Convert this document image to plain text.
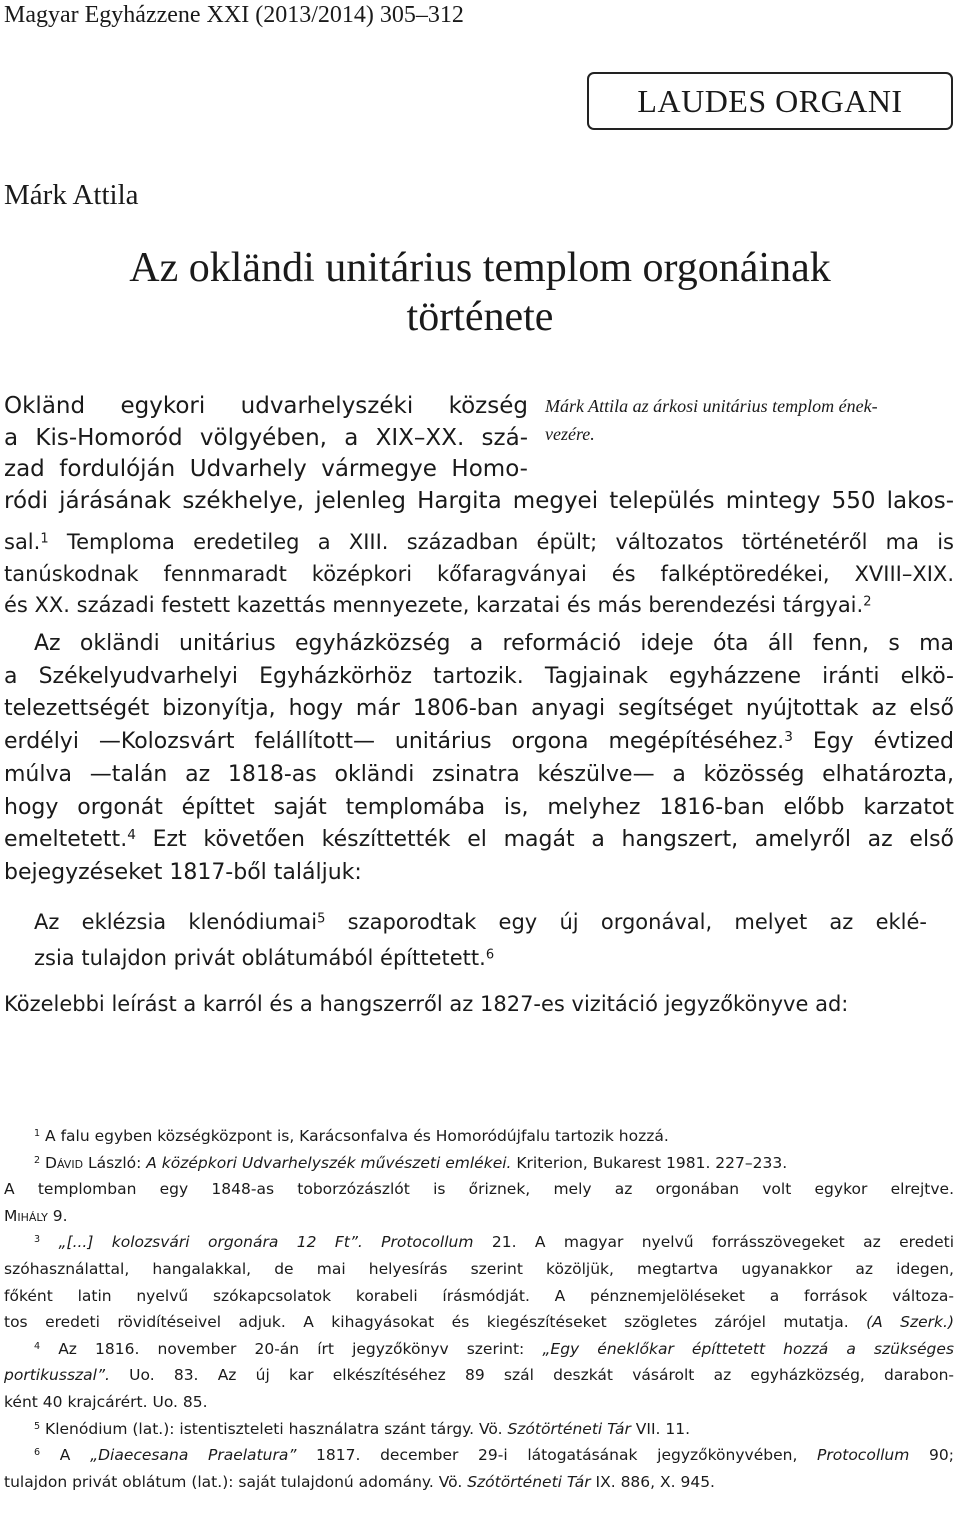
Magyar Egyházzene XXI (2013/2014) 305–312
LAUDES ORGANI
Márk Attila
Az okländi unitárius templom orgonáinak
története
Márk Attila az árkosi unitárius templom ének-
vezére.
Okländ egykori udvarhelyszéki község
a Kis-Homoród völgyében, a XIX–XX. szá-
zad fordulóján Udvarhely vármegye Homo-
ródi járásának székhelye, jelenleg Hargita megyei település mintegy 550 lakos-
sal.$^1$ Temploma eredetileg a XIII. században épült; változatos történetéről ma is
tanúskodnak fennmaradt középkori kőfaragványai és falképtöredékei, XVIII–XIX.
és XX. századi festett kazettás mennyezete, karzatai és más berendezési tárgyai.$^2$
Az okländi unitárius egyházközség a reformáció ideje óta áll fenn, s ma
a Székelyudvarhelyi Egyházkörhöz tartozik. Tagjainak egyházzene iránti elkö-
telezettségét bizonyítja, hogy már 1806-ban anyagi segítséget nyújtottak az első
erdélyi —Kolozsvárt felállított— unitárius orgona megépítéséhez.$^3$ Egy évtized
múlva —talán az 1818-as okländi zsinatra készülve— a közösség elhatározta,
hogy orgonát építtet saját templomába is, melyhez 1816-ban előbb karzatot
emeltetett.$^4$ Ezt követően készíttették el magát a hangszert, amelyről az első
bejegyzéseket 1817-ből találjuk:
Az eklézsia klenódiumai$^5$ szaporodtak egy új orgonával, melyet az eklé-
zsia tulajdon privát oblátumából építtetett.$^6$
Közelebbi leírást a karról és a hangszerről az 1827-es vizitáció jegyzőkönyve ad:
$^1$ A falu egyben községközpont is, Karácsonfalva és Homoródújfalu tartozik hozzá.
$^2$ Dávid László: A középkori Udvarhelyszék művészeti emlékei. Kriterion, Bukarest 1981. 227–233.
A templomban egy 1848-as toborzózászlót is őriznek, mely az orgonában volt egykor elrejtve.
Mihály 9.
$^3$ „[...] kolozsvári orgonára 12 Ft”. Protocollum 21. A magyar nyelvű forrásszövegeket az eredeti
szóhasználattal, hangalakkal, de mai helyesírás szerint közöljük, megtartva ugyanakkor az idegen,
főként latin nyelvű szókapcsolatok korabeli írásmódját. A pénznemjelöléseket a források változa-
tos eredeti rövidítéseivel adjuk. A kihagyásokat és kiegészítéseket szögletes zárójel mutatja. (A Szerk.)
$^4$ Az 1816. november 20-án írt jegyzőkönyv szerint: „Egy éneklőkar építtetett hozzá a szükséges
portikusszal”. Uo. 83. Az új kar elkészítéséhez 89 szál deszkát vásárolt az egyházközség, darabon-
ként 40 krajcárért. Uo. 85.
$^5$ Klenódium (lat.): istentiszteleti használatra szánt tárgy. Vö. Szótörténeti Tár VII. 11.
$^6$ A „Diaecesana Praelatura” 1817. december 29-i látogatásának jegyzőkönyvében, Protocollum 90;
tulajdon privát oblátum (lat.): saját tulajdonú adomány. Vö. Szótörténeti Tár IX. 886, X. 945.
